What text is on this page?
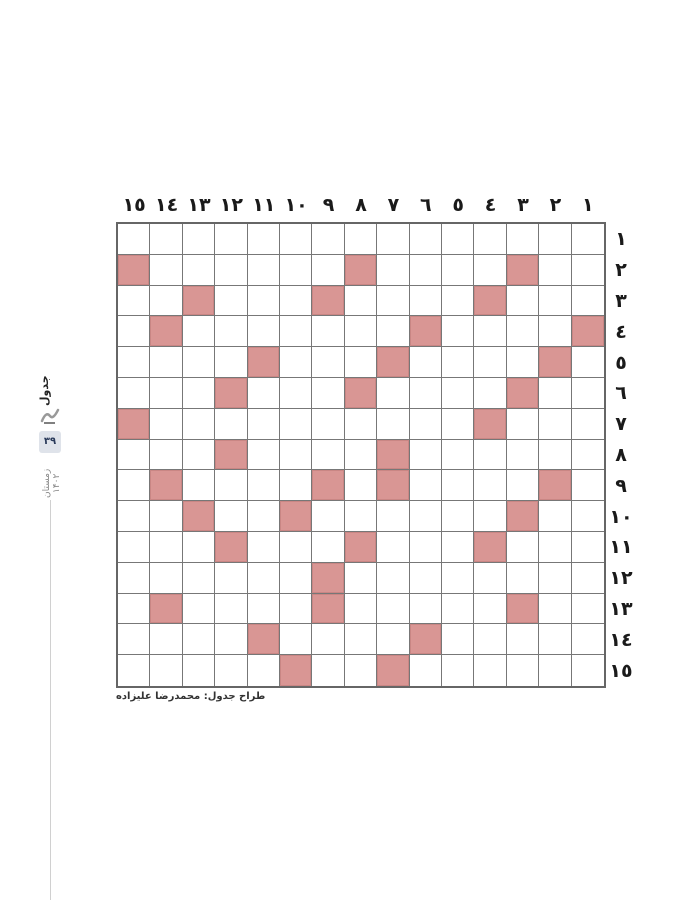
۱
۲
۳
٤
٥
٦
٧
٨
٩
١٠
١١
١٢
١٣
١٤
١٥
١
٢
٣
٤
٥
٦
٧
٨
٩
١٠
١١
١٢
١٣
١٤
١٥
طراح جدول: محمدرضا علیزاده
جدول
۳۹
زمستان ۱۴۰۲
